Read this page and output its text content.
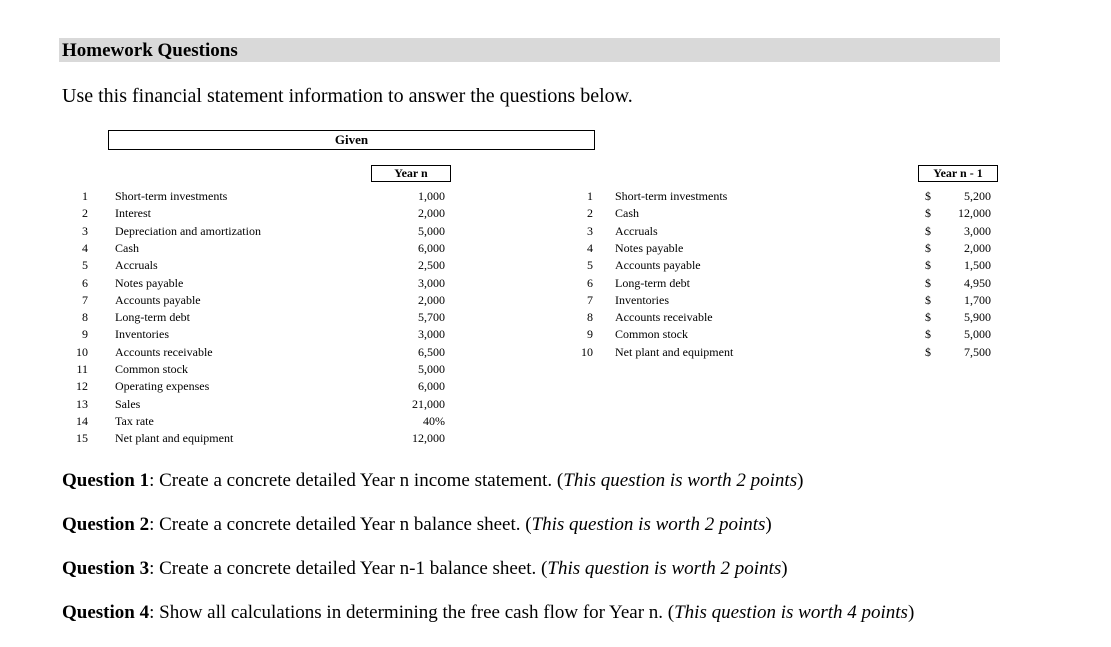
Homework Questions
Use this financial statement information to answer the questions below.
Given
Year n	Year n - 1
1 Short-term investments	1,000
2 Interest	2,000
3 Depreciation and amortization	5,000
4 Cash	6,000
5 Accruals	2,500
6 Notes payable	3,000
7 Accounts payable	2,000
8 Long-term debt	5,700
9 Inventories	3,000
10 Accounts receivable	6,500
11 Common stock	5,000
12 Operating expenses	6,000
13 Sales	21,000
14 Tax rate	40%
15 Net plant and equipment	12,000
1 Short-term investments	$	5,200
2 Cash	$	12,000
3 Accruals	$	3,000
4 Notes payable	$	2,000
5 Accounts payable	$	1,500
6 Long-term debt	$	4,950
7 Inventories	$	1,700
8 Accounts receivable	$	5,900
9 Common stock	$	5,000
10 Net plant and equipment	$	7,500
Question 1: Create a concrete detailed Year n income statement. (This question is worth 2 points)
Question 2: Create a concrete detailed Year n balance sheet. (This question is worth 2 points)
Question 3: Create a concrete detailed Year n-1 balance sheet. (This question is worth 2 points)
Question 4: Show all calculations in determining the free cash flow for Year n. (This question is worth 4 points)
